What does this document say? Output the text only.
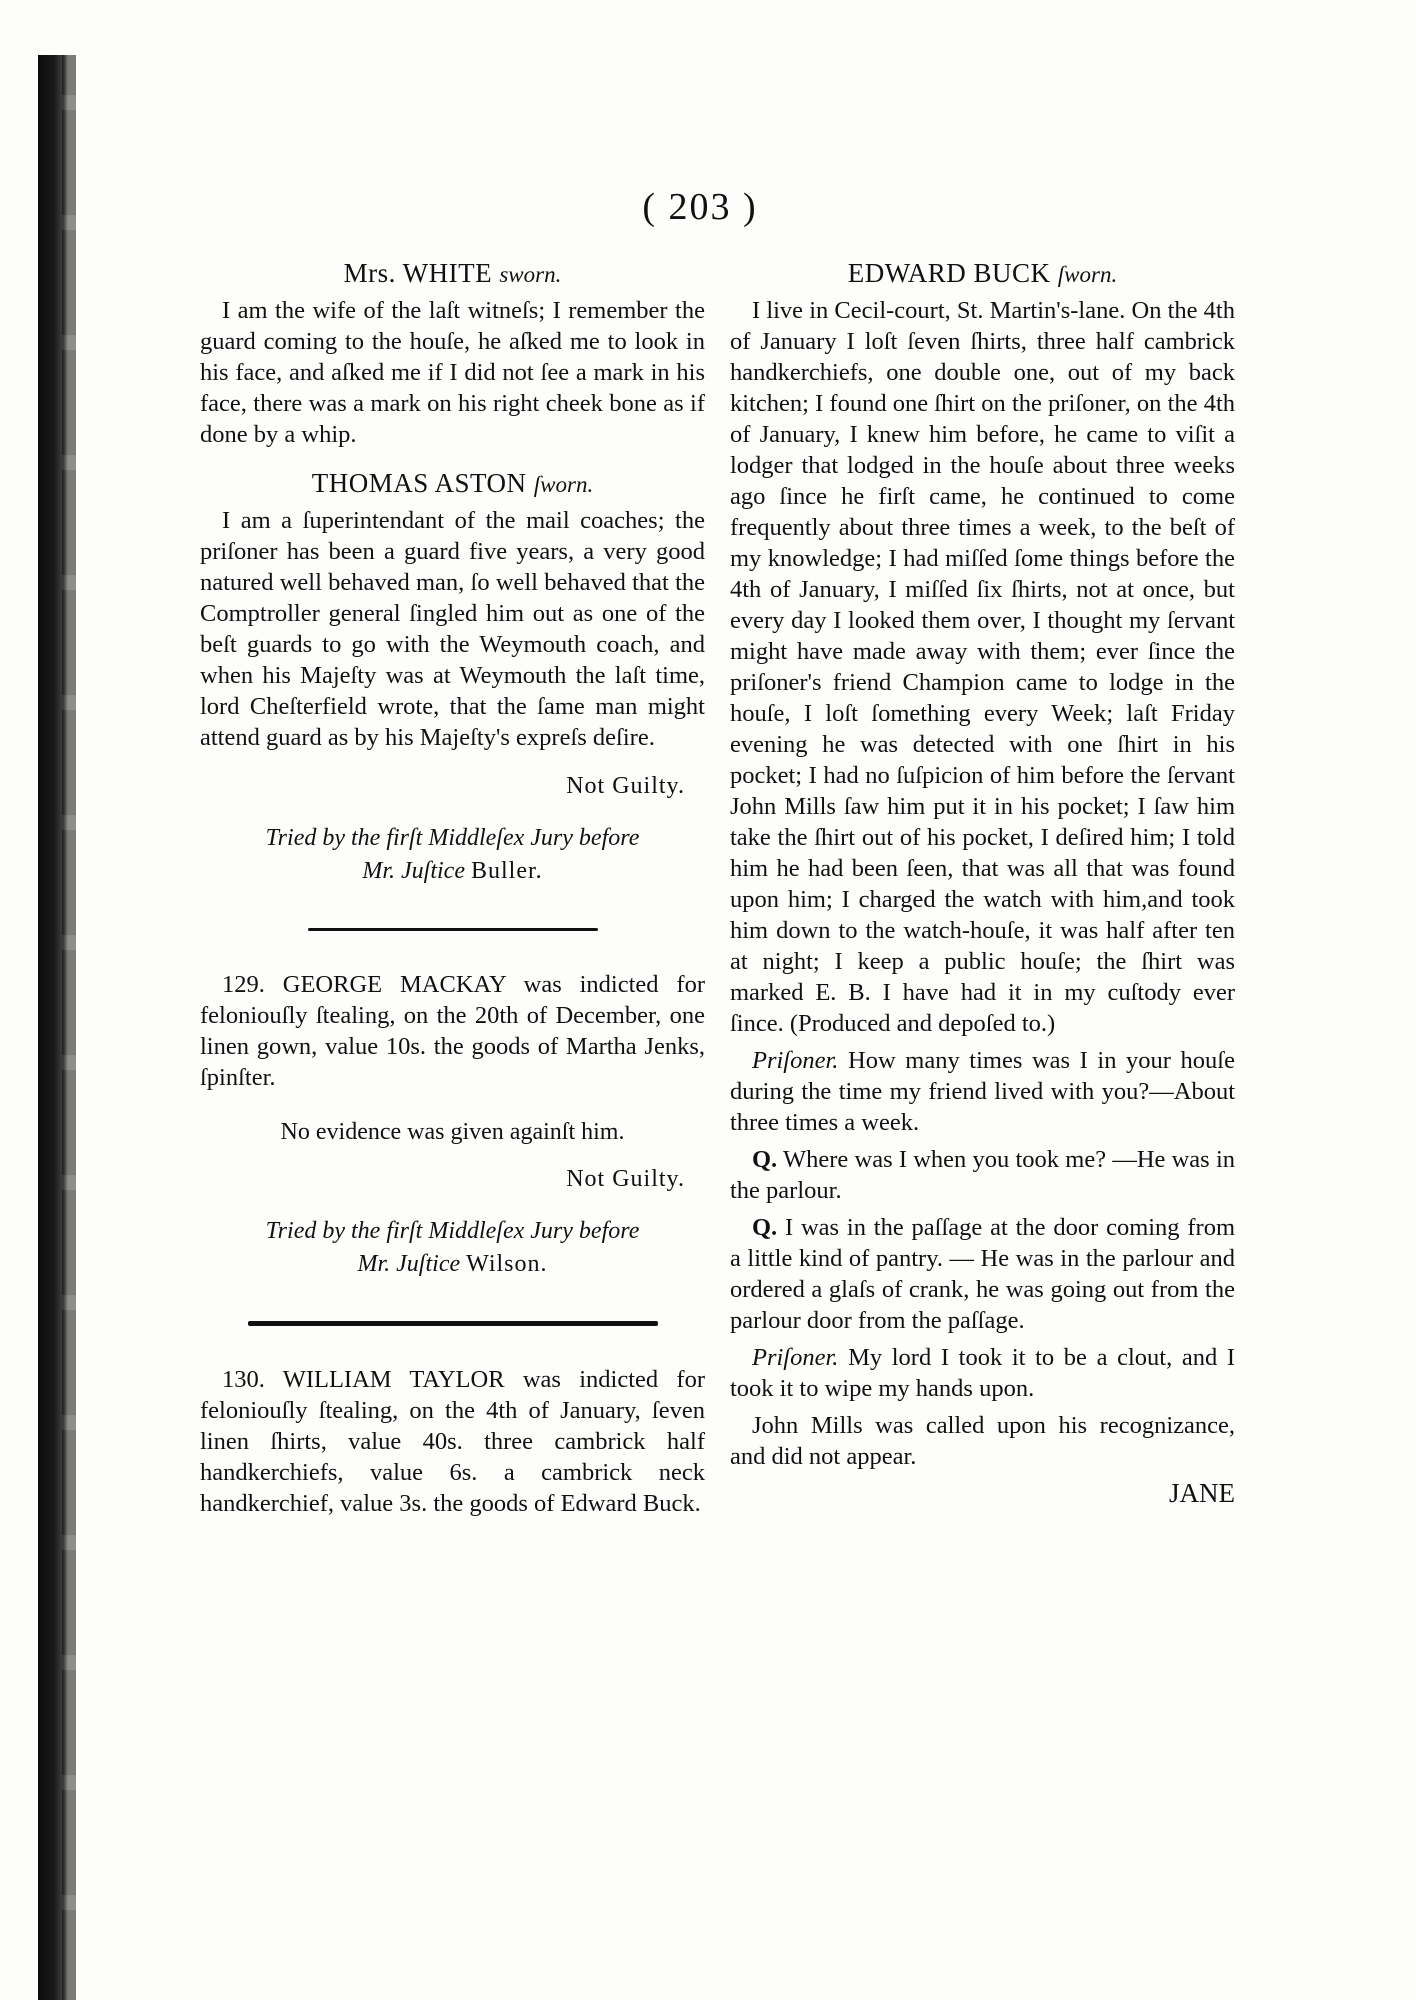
( 203 )
Mrs. WHITE sworn.

I am the wife of the laſt witneſs; I remember the guard coming to the houſe, he aſked me to look in his face, and aſked me if I did not ſee a mark in his face, there was a mark on his right cheek bone as if done by a whip.

THOMAS ASTON ſworn.

I am a ſuperintendant of the mail coaches; the priſoner has been a guard five years, a very good natured well behaved man, ſo well behaved that the Comptroller general ſingled him out as one of the beſt guards to go with the Weymouth coach, and when his Majeſty was at Weymouth the laſt time, lord Cheſterfield wrote, that the ſame man might attend guard as by his Majeſty's expreſs deſire.

Not Guilty.
Tried by the firſt Middleſex Jury before
Mr. Juſtice Buller.

129. GEORGE MACKAY was indicted for feloniouſly ſtealing, on the 20th of December, one linen gown, value 10s. the goods of Martha Jenks, ſpinſter.

No evidence was given againſt him.
Not Guilty.
Tried by the firſt Middleſex Jury before
Mr. Juſtice Wilson.

130. WILLIAM TAYLOR was indicted for feloniouſly ſtealing, on the 4th of January, ſeven linen ſhirts, value 40s. three cambrick half handkerchiefs, value 6s. a cambrick neck handkerchief, value 3s. the goods of Edward Buck.

EDWARD BUCK ſworn.

I live in Cecil-court, St. Martin's-lane. On the 4th of January I loſt ſeven ſhirts, three half cambrick handkerchiefs, one double one, out of my back kitchen; I found one ſhirt on the priſoner, on the 4th of January, I knew him before, he came to viſit a lodger that lodged in the houſe about three weeks ago ſince he firſt came, he continued to come frequently about three times a week, to the beſt of my knowledge; I had miſſed ſome things before the 4th of January, I miſſed ſix ſhirts, not at once, but every day I looked them over, I thought my ſervant might have made away with them; ever ſince the priſoner's friend Champion came to lodge in the houſe, I loſt ſomething every Week; laſt Friday evening he was detected with one ſhirt in his pocket; I had no ſuſpicion of him before the ſervant John Mills ſaw him put it in his pocket; I ſaw him take the ſhirt out of his pocket, I deſired him; I told him he had been ſeen, that was all that was found upon him; I charged the watch with him,and took him down to the watch-houſe, it was half after ten at night; I keep a public houſe; the ſhirt was marked E. B. I have had it in my cuſtody ever ſince. (Produced and depoſed to.)

Priſoner. How many times was I in your houſe during the time my friend lived with you?—About three times a week.

Q. Where was I when you took me? —He was in the parlour.

Q. I was in the paſſage at the door coming from a little kind of pantry. — He was in the parlour and ordered a glaſs of crank, he was going out from the parlour door from the paſſage.

Priſoner. My lord I took it to be a clout, and I took it to wipe my hands upon.

John Mills was called upon his recognizance, and did not appear.

JANE
